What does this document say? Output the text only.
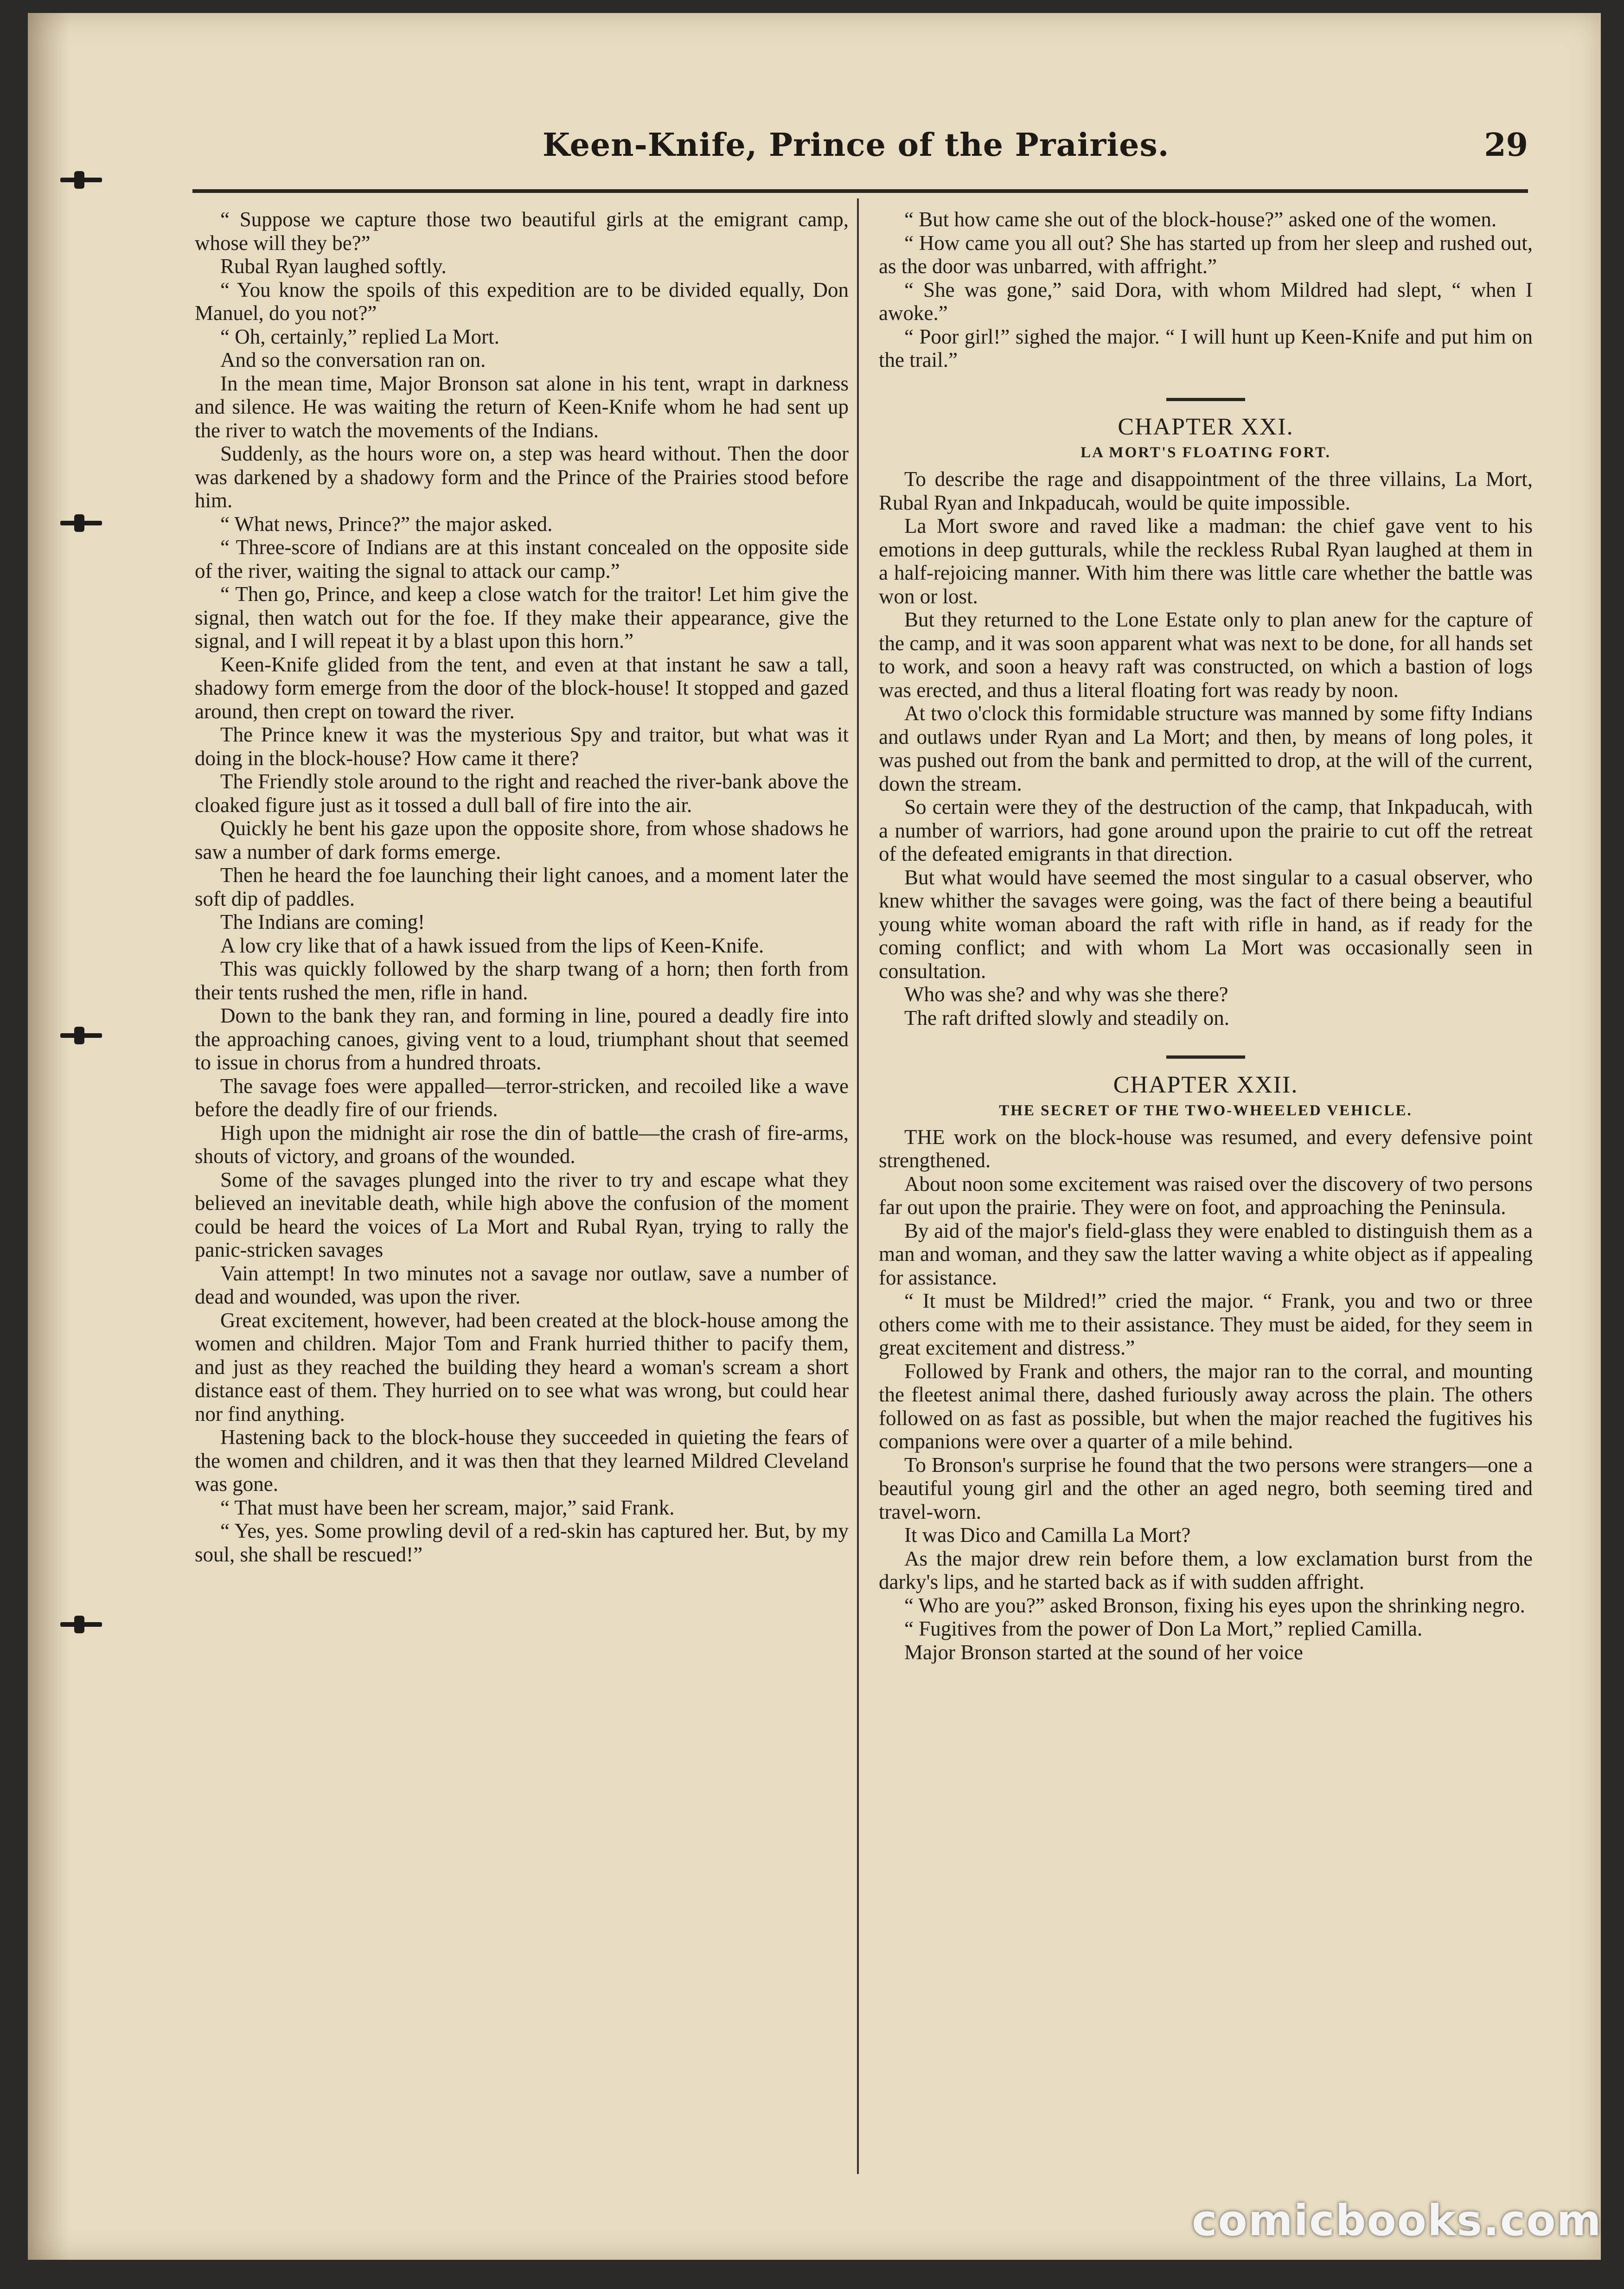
Keen-Knife, Prince of the Prairies.	29

“ Suppose we capture those two beautiful girls at the emigrant camp, whose will they be?”

Rubal Ryan laughed softly.

“ You know the spoils of this expedition are to be divided equally, Don Manuel, do you not?”

“ Oh, certainly,” replied La Mort.

And so the conversation ran on.

In the mean time, Major Bronson sat alone in his tent, wrapt in darkness and silence. He was waiting the return of Keen-Knife whom he had sent up the river to watch the movements of the Indians.

Suddenly, as the hours wore on, a step was heard without. Then the door was darkened by a shadowy form and the Prince of the Prairies stood before him.

“ What news, Prince?” the major asked.

“ Three-score of Indians are at this instant concealed on the opposite side of the river, waiting the signal to attack our camp.”

“ Then go, Prince, and keep a close watch for the traitor! Let him give the signal, then watch out for the foe. If they make their appearance, give the signal, and I will repeat it by a blast upon this horn.”

Keen-Knife glided from the tent, and even at that instant he saw a tall, shadowy form emerge from the door of the block-house! It stopped and gazed around, then crept on toward the river.

The Prince knew it was the mysterious Spy and traitor, but what was it doing in the block-house? How came it there?

The Friendly stole around to the right and reached the river-bank above the cloaked figure just as it tossed a dull ball of fire into the air.

Quickly he bent his gaze upon the opposite shore, from whose shadows he saw a number of dark forms emerge.

Then he heard the foe launching their light canoes, and a moment later the soft dip of paddles.

The Indians are coming!

A low cry like that of a hawk issued from the lips of Keen-Knife.

This was quickly followed by the sharp twang of a horn; then forth from their tents rushed the men, rifle in hand.

Down to the bank they ran, and forming in line, poured a deadly fire into the approaching canoes, giving vent to a loud, triumphant shout that seemed to issue in chorus from a hundred throats.

The savage foes were appalled—terror-stricken, and recoiled like a wave before the deadly fire of our friends.

High upon the midnight air rose the din of battle—the crash of fire-arms, shouts of victory, and groans of the wounded.

Some of the savages plunged into the river to try and escape what they believed an inevitable death, while high above the confusion of the moment could be heard the voices of La Mort and Rubal Ryan, trying to rally the panic-stricken savages

Vain attempt! In two minutes not a savage nor outlaw, save a number of dead and wounded, was upon the river.

Great excitement, however, had been created at the block-house among the women and children. Major Tom and Frank hurried thither to pacify them, and just as they reached the building they heard a woman's scream a short distance east of them. They hurried on to see what was wrong, but could hear nor find anything.

Hastening back to the block-house they succeeded in quieting the fears of the women and children, and it was then that they learned Mildred Cleveland was gone.

“ That must have been her scream, major,” said Frank.

“ Yes, yes. Some prowling devil of a red-skin has captured her. But, by my soul, she shall be rescued!”

“ But how came she out of the block-house?” asked one of the women.

“ How came you all out? She has started up from her sleep and rushed out, as the door was unbarred, with affright.”

“ She was gone,” said Dora, with whom Mildred had slept, “ when I awoke.”

“ Poor girl!” sighed the major. “ I will hunt up Keen-Knife and put him on the trail.”

CHAPTER XXI.
LA MORT'S FLOATING FORT.

To describe the rage and disappointment of the three villains, La Mort, Rubal Ryan and Inkpaducah, would be quite impossible.

La Mort swore and raved like a madman: the chief gave vent to his emotions in deep gutturals, while the reckless Rubal Ryan laughed at them in a half-rejoicing manner. With him there was little care whether the battle was won or lost.

But they returned to the Lone Estate only to plan anew for the capture of the camp, and it was soon apparent what was next to be done, for all hands set to work, and soon a heavy raft was constructed, on which a bastion of logs was erected, and thus a literal floating fort was ready by noon.

At two o'clock this formidable structure was manned by some fifty Indians and outlaws under Ryan and La Mort; and then, by means of long poles, it was pushed out from the bank and permitted to drop, at the will of the current, down the stream.

So certain were they of the destruction of the camp, that Inkpaducah, with a number of warriors, had gone around upon the prairie to cut off the retreat of the defeated emigrants in that direction.

But what would have seemed the most singular to a casual observer, who knew whither the savages were going, was the fact of there being a beautiful young white woman aboard the raft with rifle in hand, as if ready for the coming conflict; and with whom La Mort was occasionally seen in consultation.

Who was she? and why was she there?

The raft drifted slowly and steadily on.

CHAPTER XXII.
THE SECRET OF THE TWO-WHEELED VEHICLE.

THE work on the block-house was resumed, and every defensive point strengthened.

About noon some excitement was raised over the discovery of two persons far out upon the prairie. They were on foot, and approaching the Peninsula.

By aid of the major's field-glass they were enabled to distinguish them as a man and woman, and they saw the latter waving a white object as if appealing for assistance.

“ It must be Mildred!” cried the major. “ Frank, you and two or three others come with me to their assistance. They must be aided, for they seem in great excitement and distress.”

Followed by Frank and others, the major ran to the corral, and mounting the fleetest animal there, dashed furiously away across the plain. The others followed on as fast as possible, but when the major reached the fugitives his companions were over a quarter of a mile behind.

To Bronson's surprise he found that the two persons were strangers—one a beautiful young girl and the other an aged negro, both seeming tired and travel-worn.

It was Dico and Camilla La Mort?

As the major drew rein before them, a low exclamation burst from the darky's lips, and he started back as if with sudden affright.

“ Who are you?” asked Bronson, fixing his eyes upon the shrinking negro.

“ Fugitives from the power of Don La Mort,” replied Camilla.

Major Bronson started at the sound of her voice

comicbooks.com
